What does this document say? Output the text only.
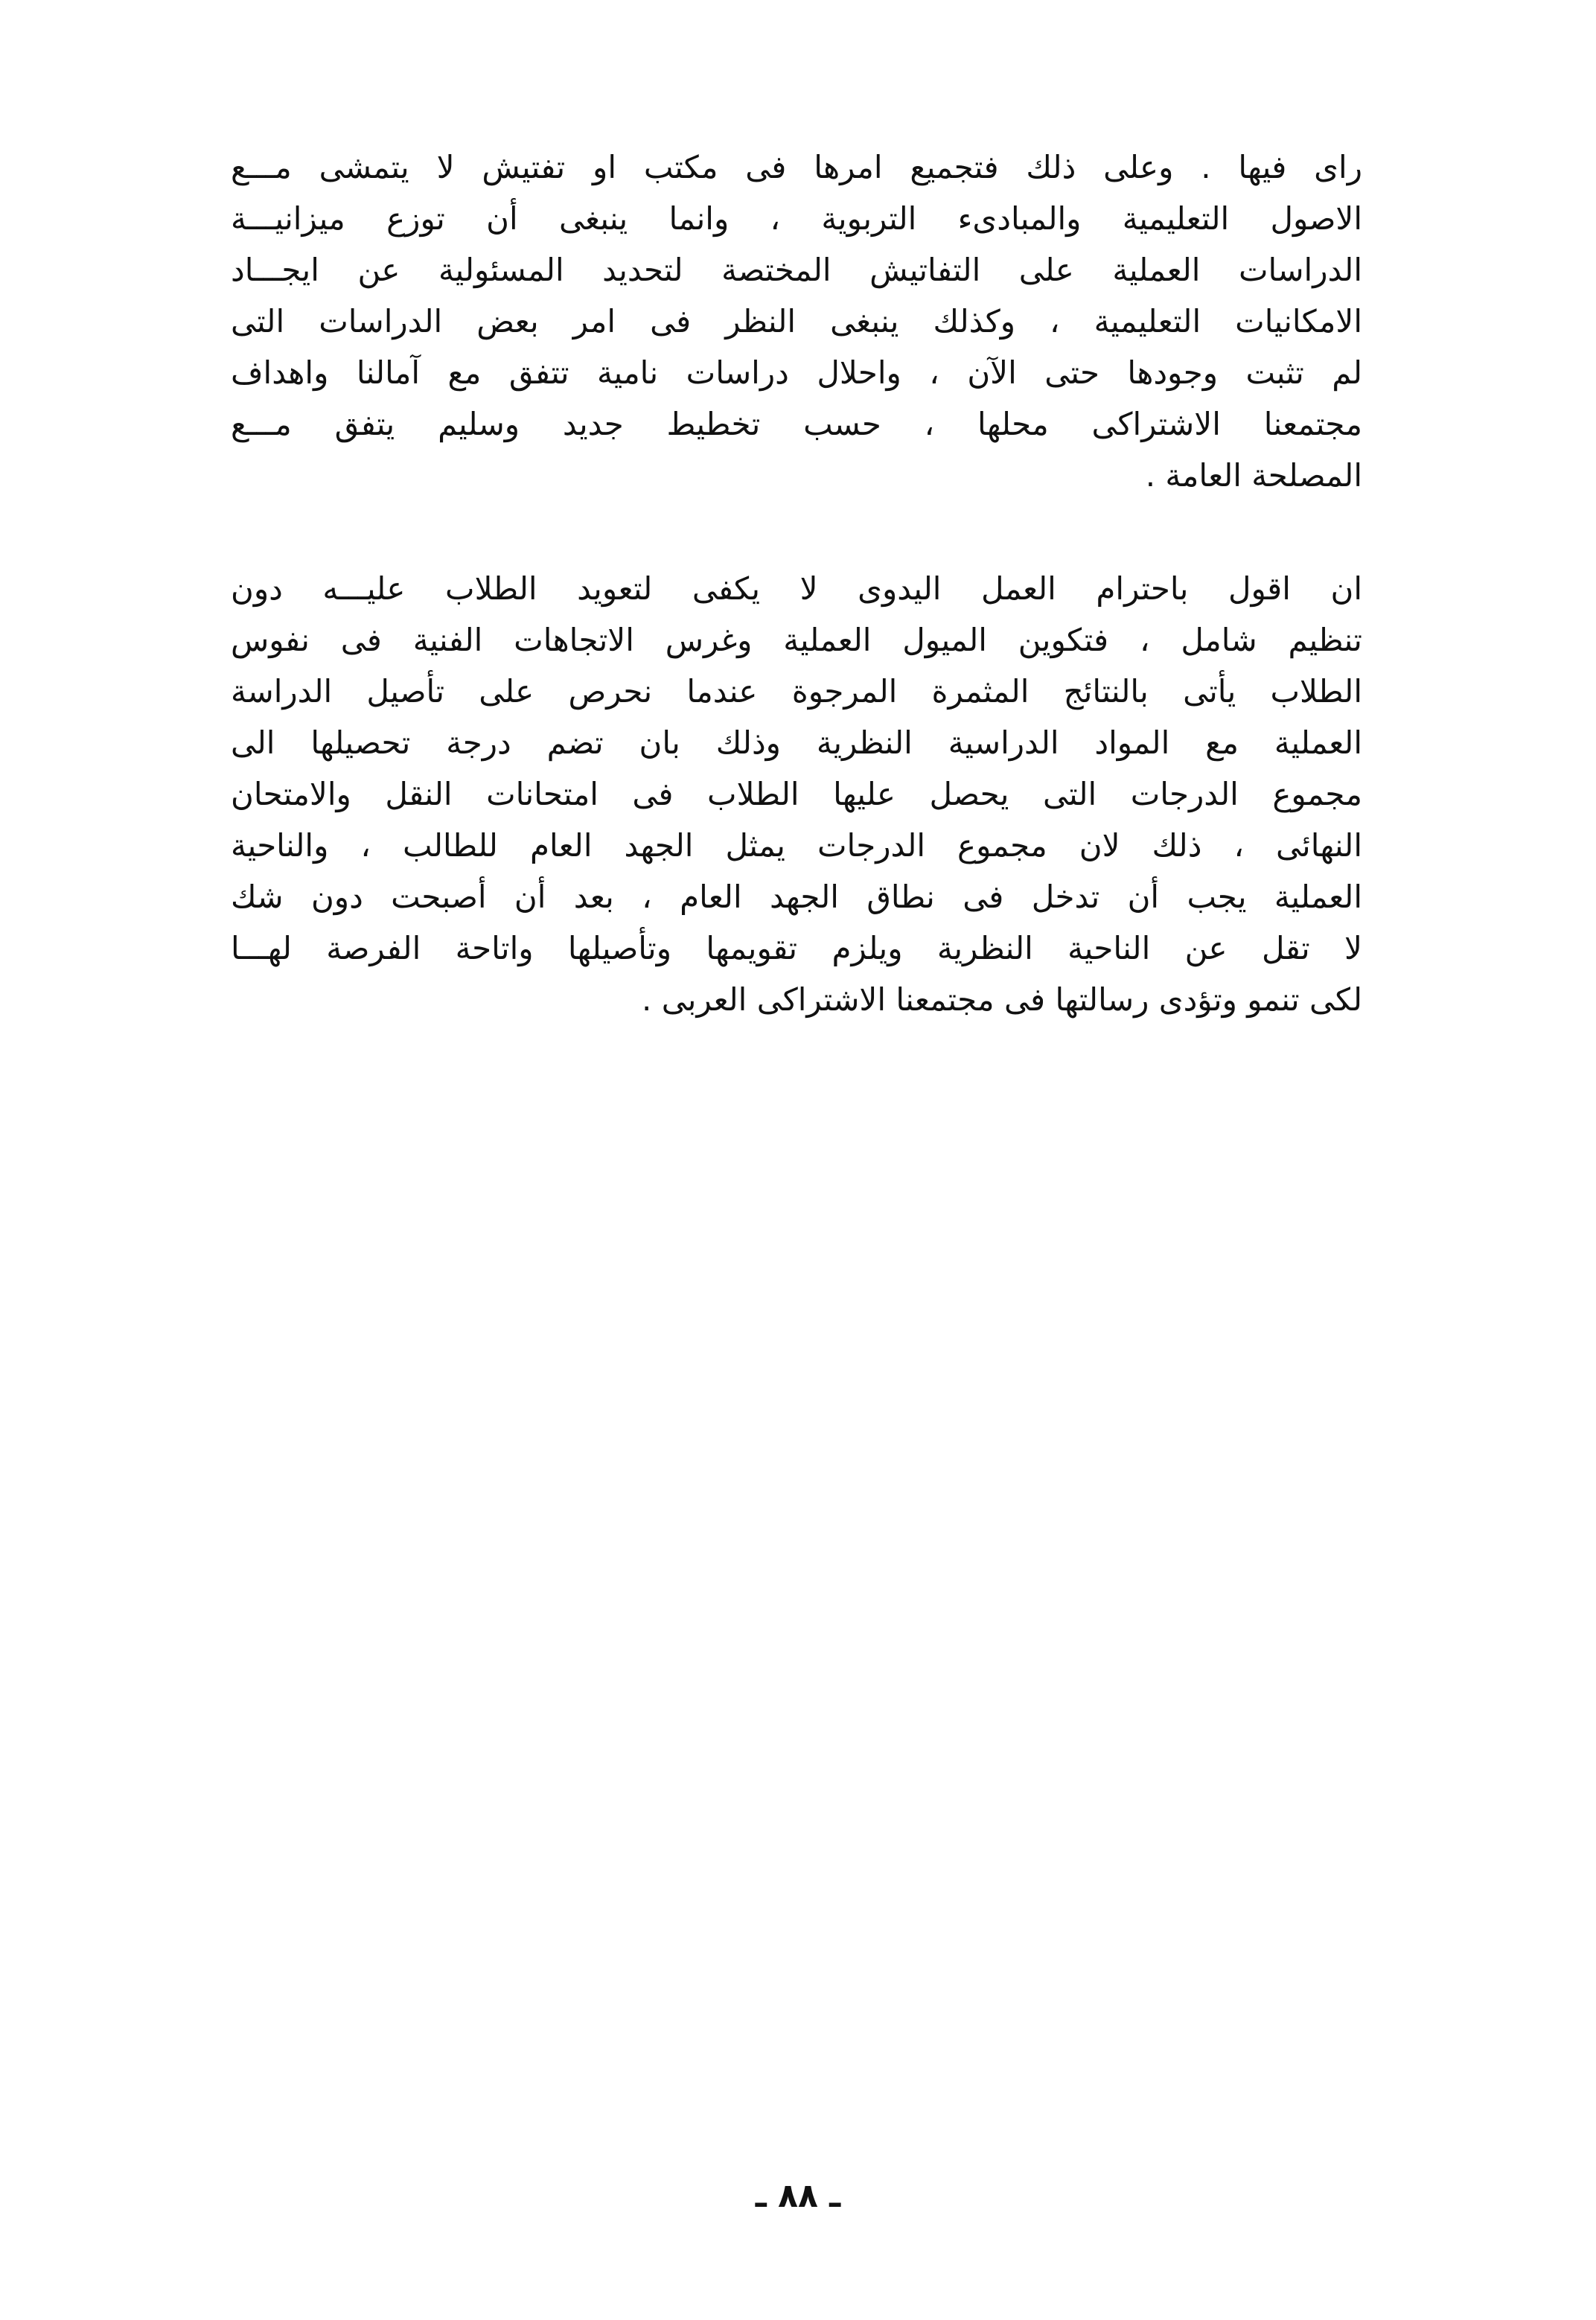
راى فيها . وعلى ذلك فتجميع امرها فى مكتب او تفتيش لا يتمشى مـــع
الاصول التعليمية والمبادىء التربوية ، وانما ينبغى أن توزع ميزانيـــة
الدراسات العملية على التفاتيش المختصة لتحديد المسئولية عن ايجـــاد
الامكانيات التعليمية ، وكذلك ينبغى النظر فى امر بعض الدراسات التى
لم تثبت وجودها حتى الآن ، واحلال دراسات نامية تتفق مع آمالنا واهداف
مجتمعنا الاشتراكى محلها ، حسب تخطيط جديد وسليم يتفق مـــع
المصلحة العامة .
ان اقول باحترام العمل اليدوى لا يكفى لتعويد الطلاب عليـــه دون
تنظيم شامل ، فتكوين الميول العملية وغرس الاتجاهات الفنية فى نفوس
الطلاب يأتى بالنتائج المثمرة المرجوة عندما نحرص على تأصيل الدراسة
العملية مع المواد الدراسية النظرية وذلك بان تضم درجة تحصيلها الى
مجموع الدرجات التى يحصل عليها الطلاب فى امتحانات النقل والامتحان
النهائى ، ذلك لان مجموع الدرجات يمثل الجهد العام للطالب ، والناحية
العملية يجب أن تدخل فى نطاق الجهد العام ، بعد أن أصبحت دون شك
لا تقل عن الناحية النظرية ويلزم تقويمها وتأصيلها واتاحة الفرصة لهـــا
لكى تنمو وتؤدى رسالتها فى مجتمعنا الاشتراكى العربى .
ـ ٨٨ ـ
